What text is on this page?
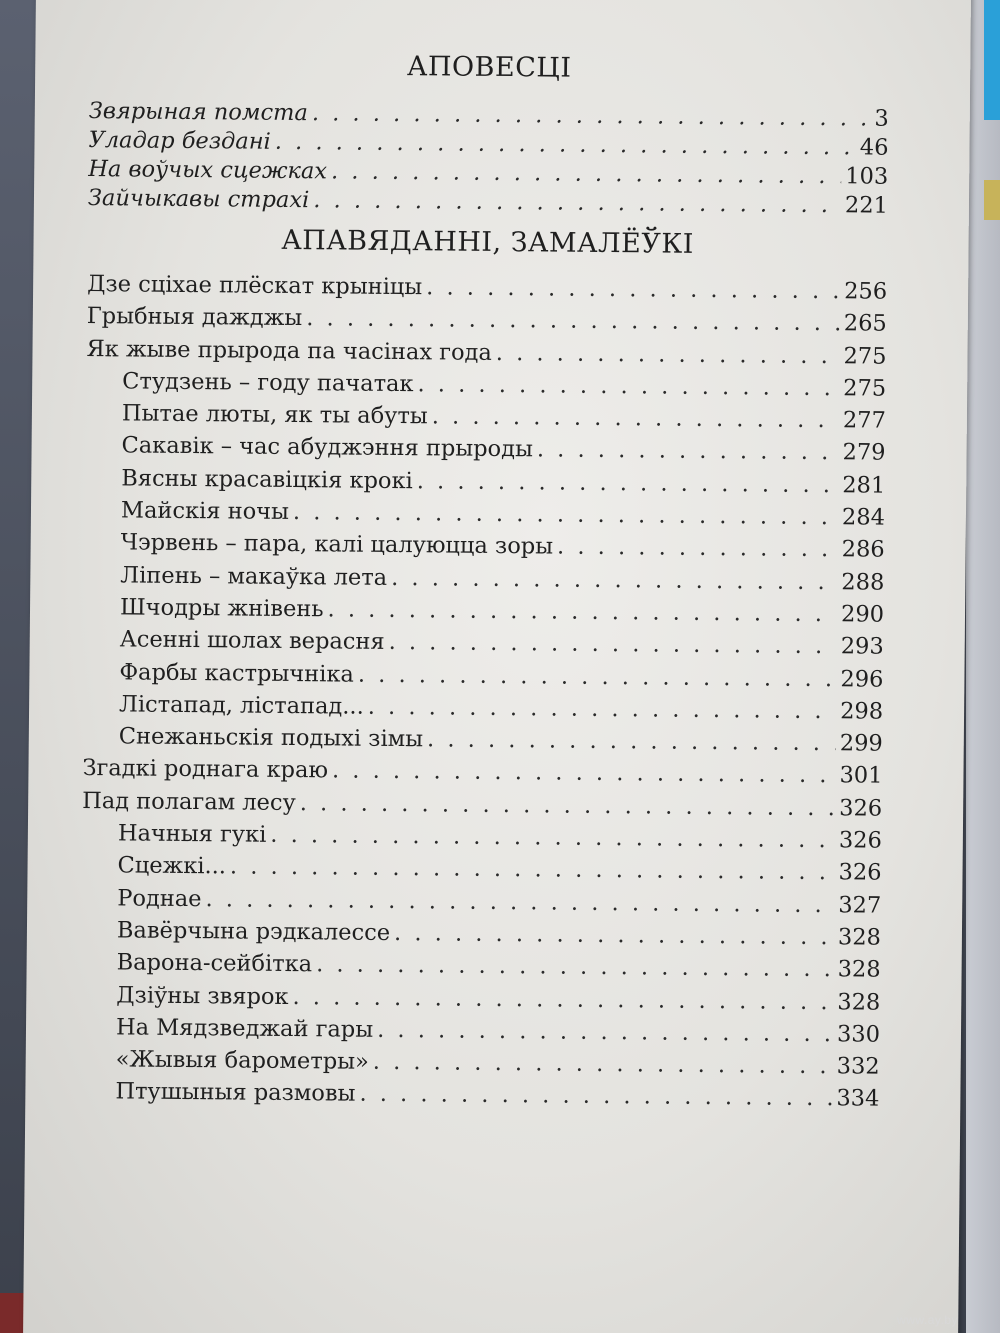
АПОВЕСЦІ
Звярыная помста . . .	3
Уладар бездані . . .	46
На воўчых сцежках . . .	103
Зайчыкавы страхі . . .	221
АПАВЯДАННІ, ЗАМАЛЁЎКІ
Дзе сціхае плёскат крыніцы . . .	256
Грыбныя дажджы . . .	265
Як жыве прырода па часінах года . . .	275
Студзень – году пачатак . . .	275
Пытае люты, як ты абуты . . .	277
Сакавік – час абуджэння прыроды . . .	279
Вясны красавіцкія крокі . . .	281
Майскія ночы . . .	284
Чэрвень – пара, калі цалуюцца зоры . . .	286
Ліпень – макаўка лета . . .	288
Шчодры жнівень . . .	290
Асенні шолах верасня . . .	293
Фарбы кастрычніка . . .	296
Лістапад, лістапад... . . .	298
Снежаньскія подыхі зімы . . .	299
Згадкі роднага краю . . .	301
Пад полагам лесу . . .	326
Начныя гукі . . .	326
Сцежкі... . . .	326
Роднае . . .	327
Вавёрчына рэдкалессе . . .	328
Варона-сейбітка . . .	328
Дзіўны звярок . . .	328
На Мядзведжай гары . . .	330
«Жывыя барометры» . . .	332
Птушыныя размовы . . .	334
www.ay.by
